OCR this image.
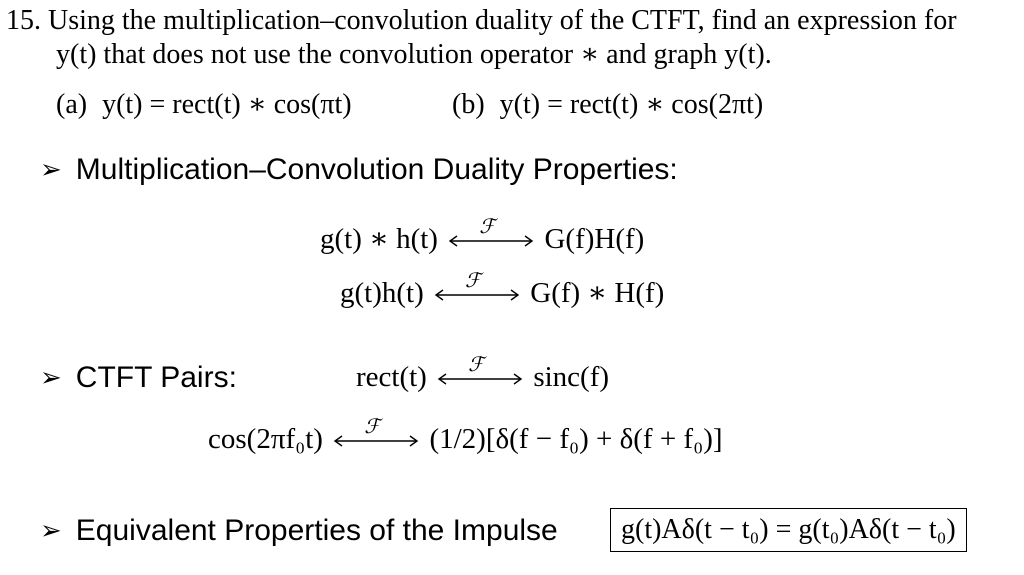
15. Using the multiplication–convolution duality of the CTFT, find an expression for
y(t) that does not use the convolution operator ∗ and graph y(t).
(a) y(t) = rect(t) ∗ cos(πt)	(b) y(t) = rect(t) ∗ cos(2πt)
➢ Multiplication–Convolution Duality Properties:
g(t) ∗ h(t) ℱ G(f)H(f)
g(t)h(t) ℱ G(f) ∗ H(f)
➢ CTFT Pairs:	rect(t) ℱ sinc(f)
cos(2πf₀t) ℱ (1/2)[δ(f − f₀) + δ(f + f₀)]
➢ Equivalent Properties of the Impulse	g(t)Aδ(t − t₀) = g(t₀)Aδ(t − t₀)
